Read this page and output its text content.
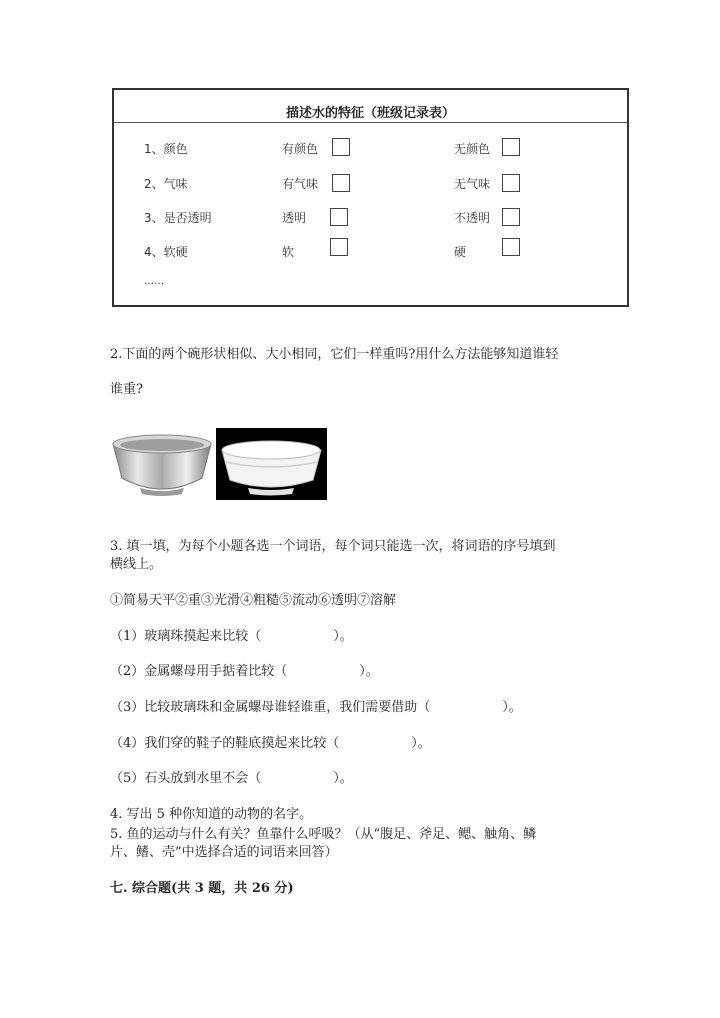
描述水的特征（班级记录表）
1、颜色	有颜色	无颜色
2、气味	有气味	无气味
3、是否透明	透明	不透明
4、软硬	软	硬
……
2.下面的两个碗形状相似、大小相同，它们一样重吗?用什么方法能够知道谁轻
谁重?
3. 填一填，为每个小题各选一个词语，每个词只能选一次，将词语的序号填到
横线上。
①简易天平②重③光滑④粗糙⑤流动⑥透明⑦溶解
（1）玻璃珠摸起来比较（	）。
（2）金属螺母用手掂着比较（	）。
（3）比较玻璃珠和金属螺母谁轻谁重，我们需要借助（	）。
（4）我们穿的鞋子的鞋底摸起来比较（	）。
（5）石头放到水里不会（	）。
4. 写出 5 种你知道的动物的名字。
5. 鱼的运动与什么有关？鱼靠什么呼吸？（从“腹足、斧足、鳃、触角、鳞
片、鳍、壳”中选择合适的词语来回答）
七. 综合题(共 3 题，共 26 分)
